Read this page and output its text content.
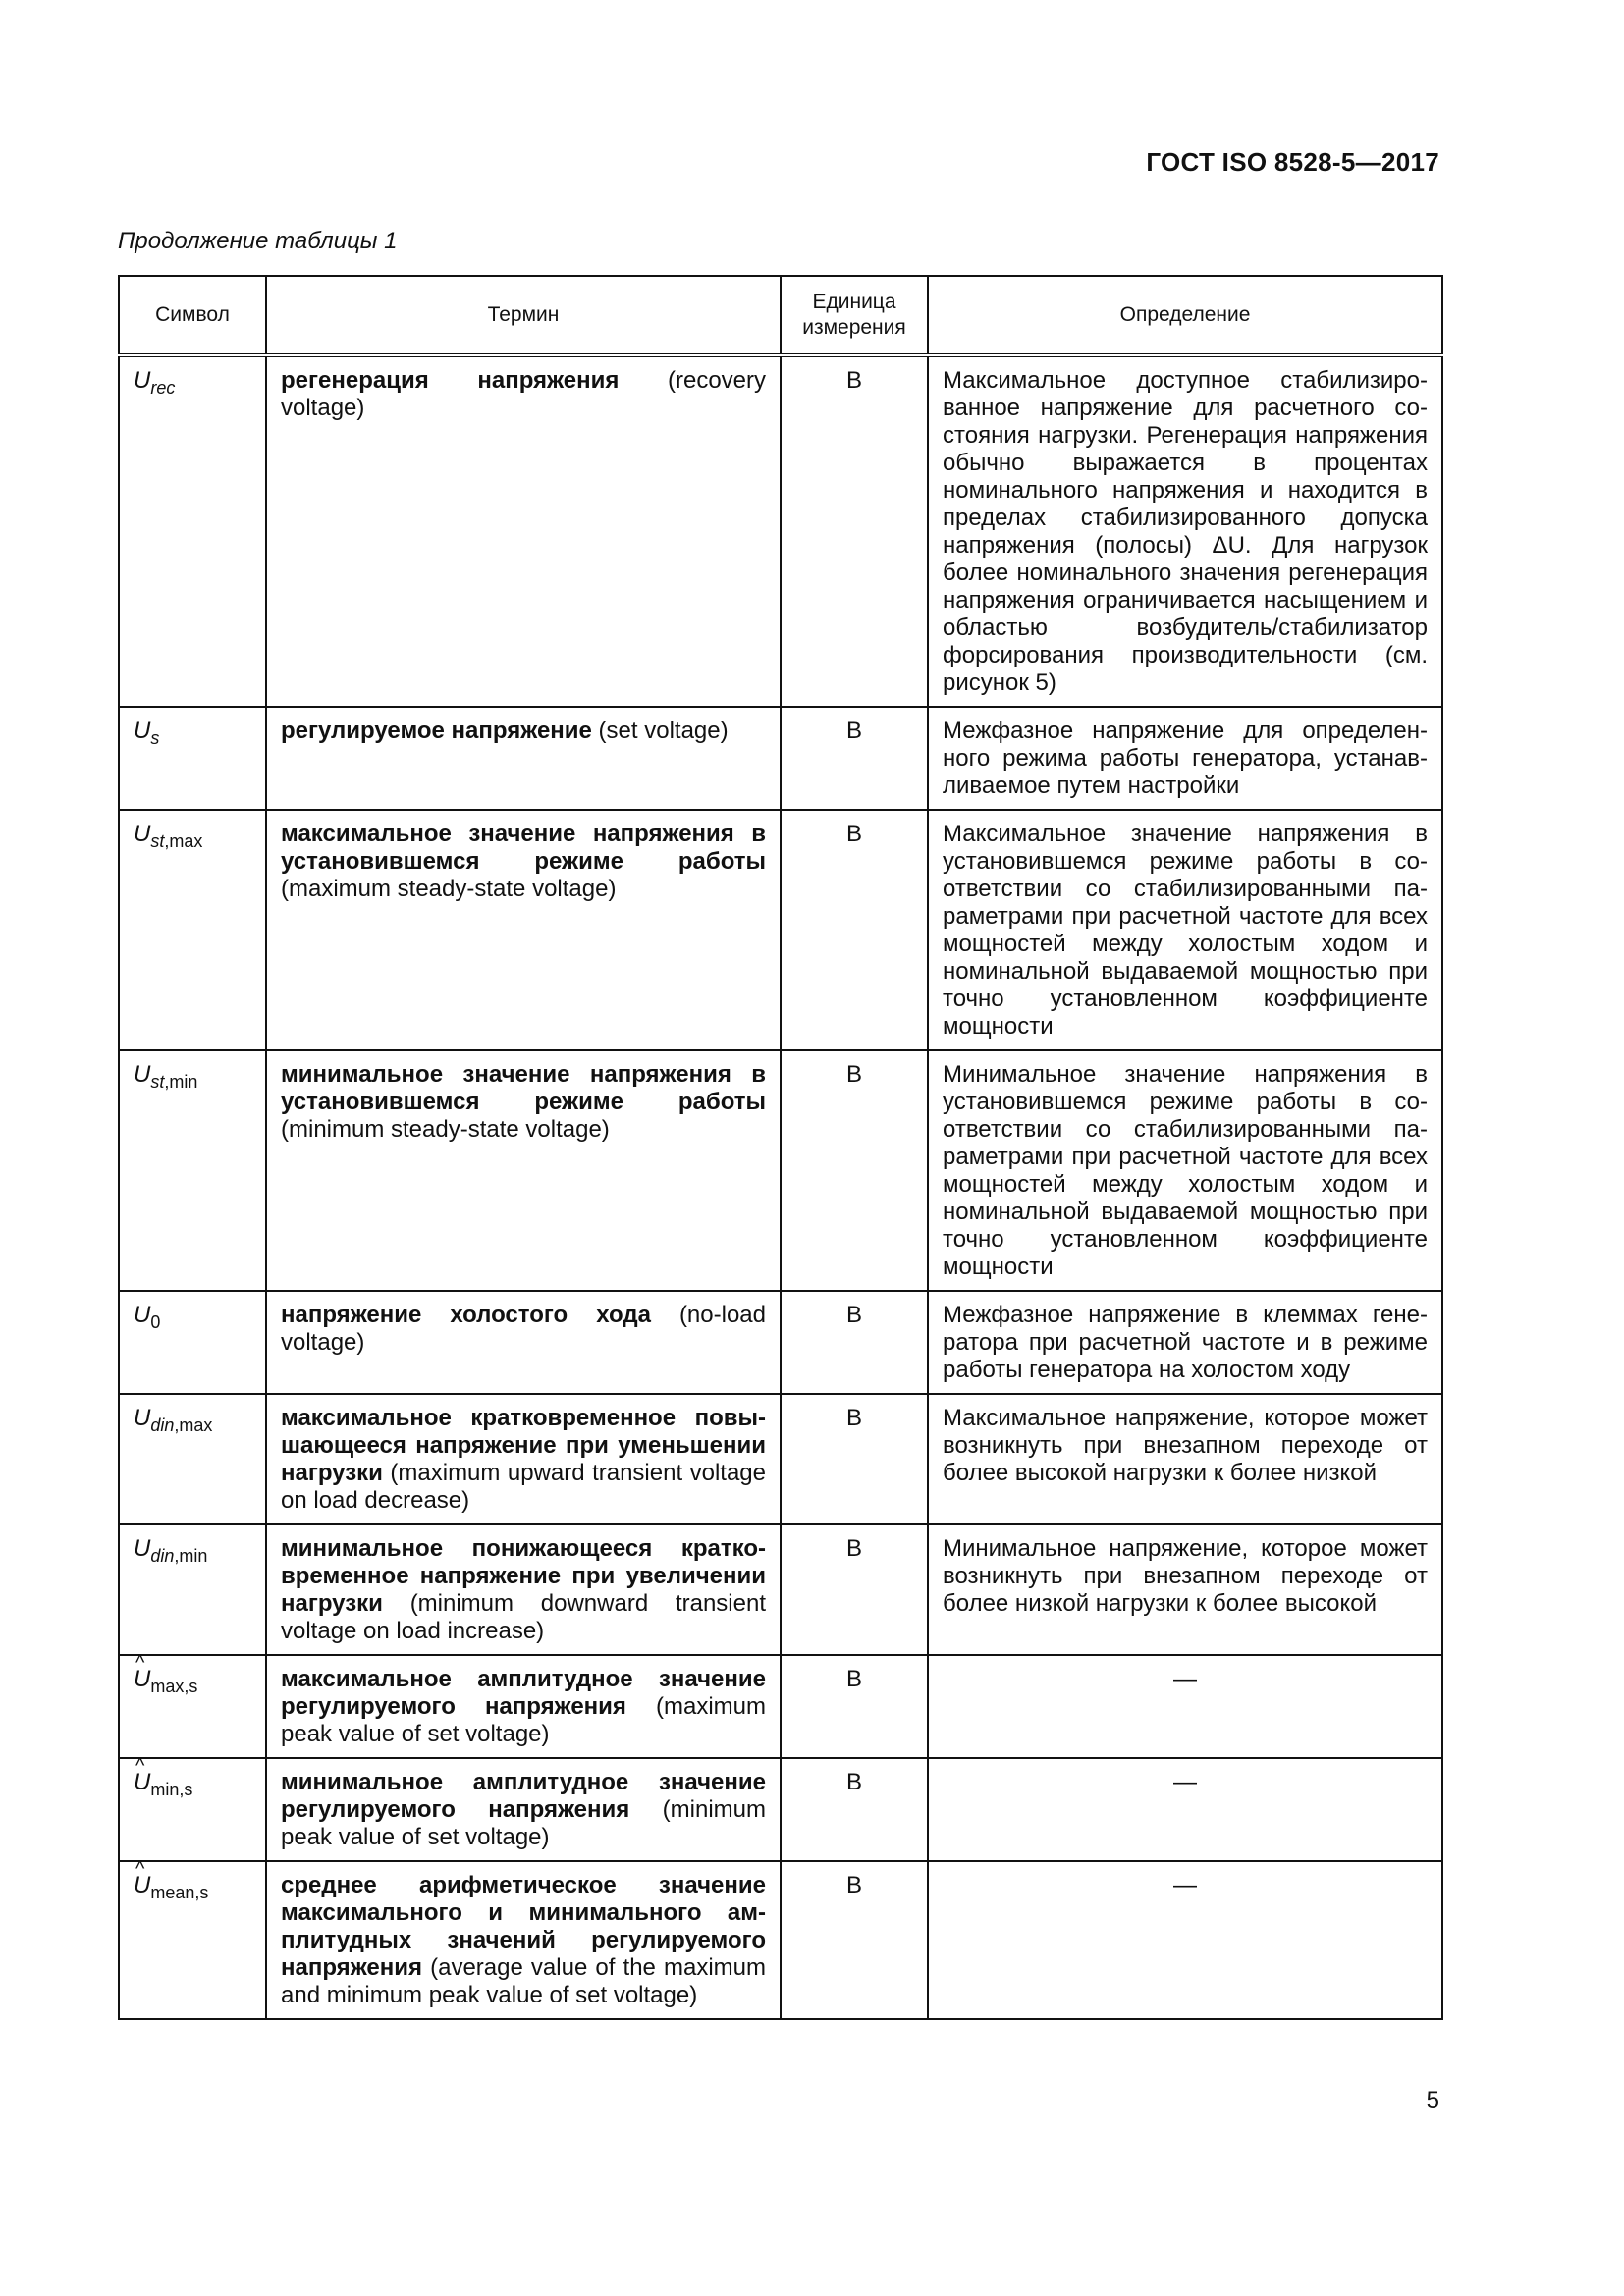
ГОСТ ISO 8528-5—2017
Продолжение таблицы 1
Символ	Термин	Единица измерения	Определение
$U_{rec}$	регенерация напряжения (recovery voltage)	В	Максимальное доступное стабилизированное напряжение для расчетного состояния нагрузки. Регенерация напряжения обычно выражается в процентах номинального напряжения и находится в пределах стабилизированного допуска напряжения (полосы) ΔU. Для нагрузок более номинального значения регенерация напряжения ограничивается насыщением и областью возбудитель/стабилизатор форсирования производительности (см. рисунок 5)
$U_s$	регулируемое напряжение (set voltage)	В	Межфазное напряжение для определенного режима работы генератора, устанавливаемое путем настройки
$U_{st,max}$	максимальное значение напряжения в установившемся режиме работы (maximum steady-state voltage)	В	Максимальное значение напряжения в установившемся режиме работы в соответствии со стабилизированными параметрами при расчетной частоте для всех мощностей между холостым ходом и номинальной выдаваемой мощностью при точно установленном коэффициенте мощности
$U_{st,min}$	минимальное значение напряжения в установившемся режиме работы (minimum steady-state voltage)	В	Минимальное значение напряжения в установившемся режиме работы в соответствии со стабилизированными параметрами при расчетной частоте для всех мощностей между холостым ходом и номинальной выдаваемой мощностью при точно установленном коэффициенте мощности
$U_0$	напряжение холостого хода (no-load voltage)	В	Межфазное напряжение в клеммах генератора при расчетной частоте и в режиме работы генератора на холостом ходу
$U_{din,max}$	максимальное кратковременное повышающееся напряжение при уменьшении нагрузки (maximum upward transient voltage on load decrease)	В	Максимальное напряжение, которое может возникнуть при внезапном переходе от более высокой нагрузки к более низкой
$U_{din,min}$	минимальное понижающееся кратковременное напряжение при увеличении нагрузки (minimum downward transient voltage on load increase)	В	Минимальное напряжение, которое может возникнуть при внезапном переходе от более низкой нагрузки к более высокой
^ $U_{max,s}$	максимальное амплитудное значение регулируемого напряжения (maximum peak value of set voltage)	В	—
^ $U_{min,s}$	минимальное амплитудное значение регулируемого напряжения (minimum peak value of set voltage)	В	—
^ $U_{mean,s}$	среднее арифметическое значение максимального и минимального амплитудных значений регулируемого напряжения (average value of the maximum and minimum peak value of set voltage)	В	—
5
